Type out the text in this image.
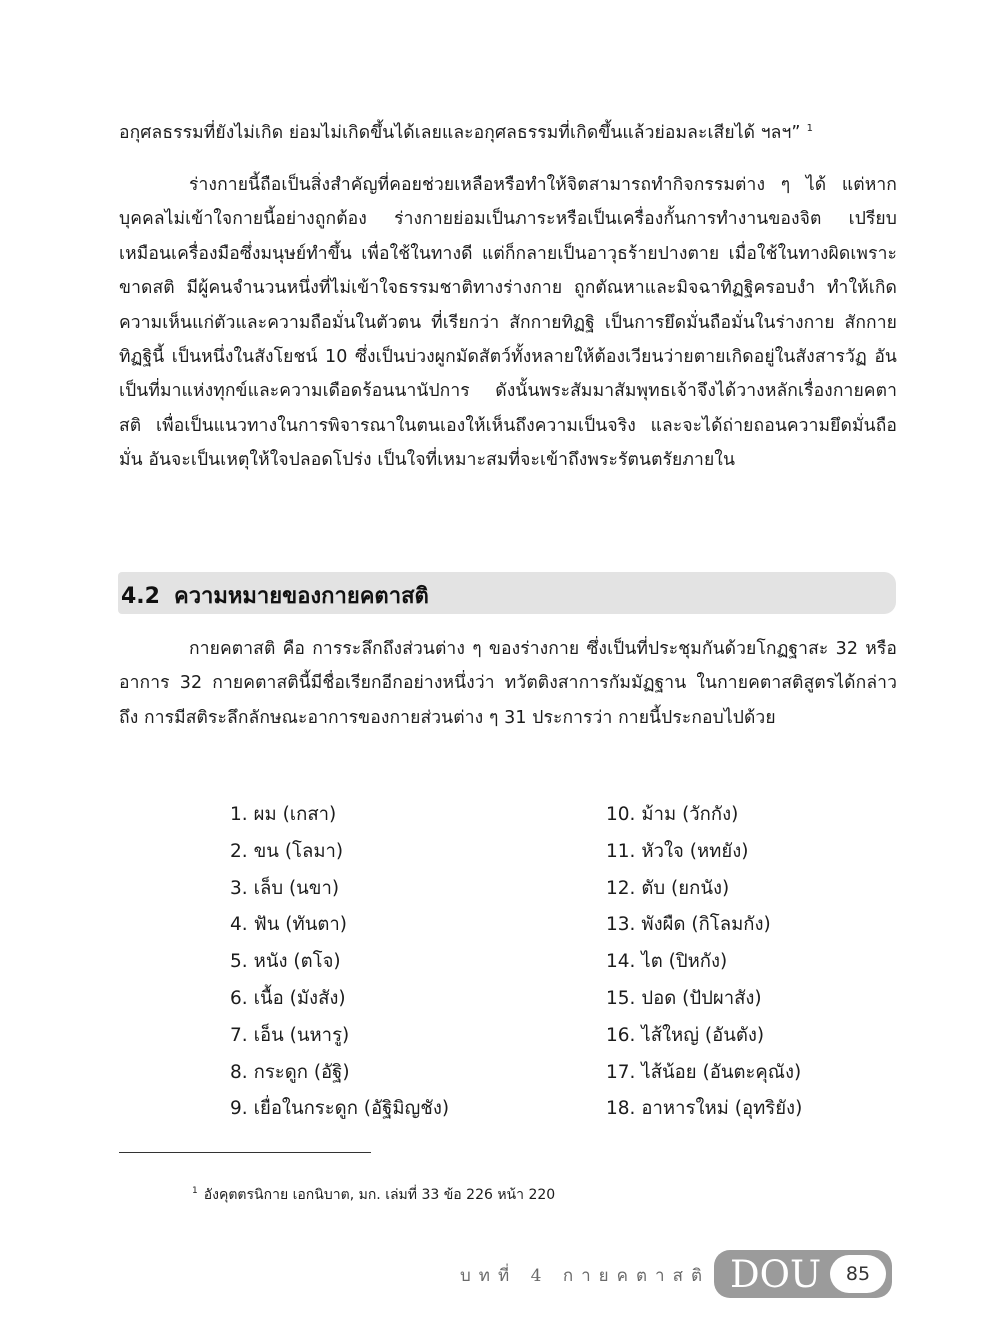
อกุศลธรรมที่ยังไม่เกิด ย่อมไม่เกิดขึ้นได้เลยและอกุศลธรรมที่เกิดขึ้นแล้วย่อมละเสียได้ ฯลฯ” $^1$

ร่างกายนี้ถือเป็นสิ่งสำคัญที่คอยช่วยเหลือหรือทำให้จิตสามารถทำกิจกรรมต่าง ๆ ได้ แต่หากบุคคลไม่เข้าใจกายนี้อย่างถูกต้อง ร่างกายย่อมเป็นภาระหรือเป็นเครื่องกั้นการทำงานของจิต เปรียบเหมือนเครื่องมือซึ่งมนุษย์ทำขึ้น เพื่อใช้ในทางดี แต่ก็กลายเป็นอาวุธร้ายปางตาย เมื่อใช้ในทางผิดเพราะขาดสติ มีผู้คนจำนวนหนึ่งที่ไม่เข้าใจธรรมชาติทางร่างกาย ถูกตัณหาและมิจฉาทิฏฐิครอบงำ ทำให้เกิดความเห็นแก่ตัวและความถือมั่นในตัวตน ที่เรียกว่า สักกายทิฏฐิ เป็นการยึดมั่นถือมั่นในร่างกาย สักกายทิฏฐินี้ เป็นหนึ่งในสังโยชน์ 10 ซึ่งเป็นบ่วงผูกมัดสัตว์ทั้งหลายให้ต้องเวียนว่ายตายเกิดอยู่ในสังสารวัฏ อันเป็นที่มาแห่งทุกข์และความเดือดร้อนนานัปการ ดังนั้นพระสัมมาสัมพุทธเจ้าจึงได้วางหลักเรื่องกายคตาสติ เพื่อเป็นแนวทางในการพิจารณาในตนเองให้เห็นถึงความเป็นจริง และจะได้ถ่ายถอนความยึดมั่นถือมั่น อันจะเป็นเหตุให้ใจปลอดโปร่ง เป็นใจที่เหมาะสมที่จะเข้าถึงพระรัตนตรัยภายใน

4.2 ความหมายของกายคตาสติ

กายคตาสติ คือ การระลึกถึงส่วนต่าง ๆ ของร่างกาย ซึ่งเป็นที่ประชุมกันด้วยโกฏฐาสะ 32 หรือ อาการ 32 กายคตาสตินี้มีชื่อเรียกอีกอย่างหนึ่งว่า ทวัตติงสาการกัมมัฏฐาน ในกายคตาสติสูตรได้กล่าวถึง การมีสติระลึกลักษณะอาการของกายส่วนต่าง ๆ 31 ประการว่า กายนี้ประกอบไปด้วย

1. ผม (เกสา)
2. ขน (โลมา)
3. เล็บ (นขา)
4. ฟัน (ทันตา)
5. หนัง (ตโจ)
6. เนื้อ (มังสัง)
7. เอ็น (นหารู)
8. กระดูก (อัฐิ)
9. เยื่อในกระดูก (อัฐิมิญชัง)
10. ม้าม (วักกัง)
11. หัวใจ (หทยัง)
12. ตับ (ยกนัง)
13. พังผืด (กิโลมกัง)
14. ไต (ปิหกัง)
15. ปอด (ปัปผาสัง)
16. ไส้ใหญ่ (อันตัง)
17. ไส้น้อย (อันตะคุณัง)
18. อาหารใหม่ (อุทริยัง)
$^1$ อังคุตตรนิกาย เอกนิบาต, มก. เล่มที่ 33 ข้อ 226 หน้า 220
บทที่ 4 กายคตาสติ DOU	85
